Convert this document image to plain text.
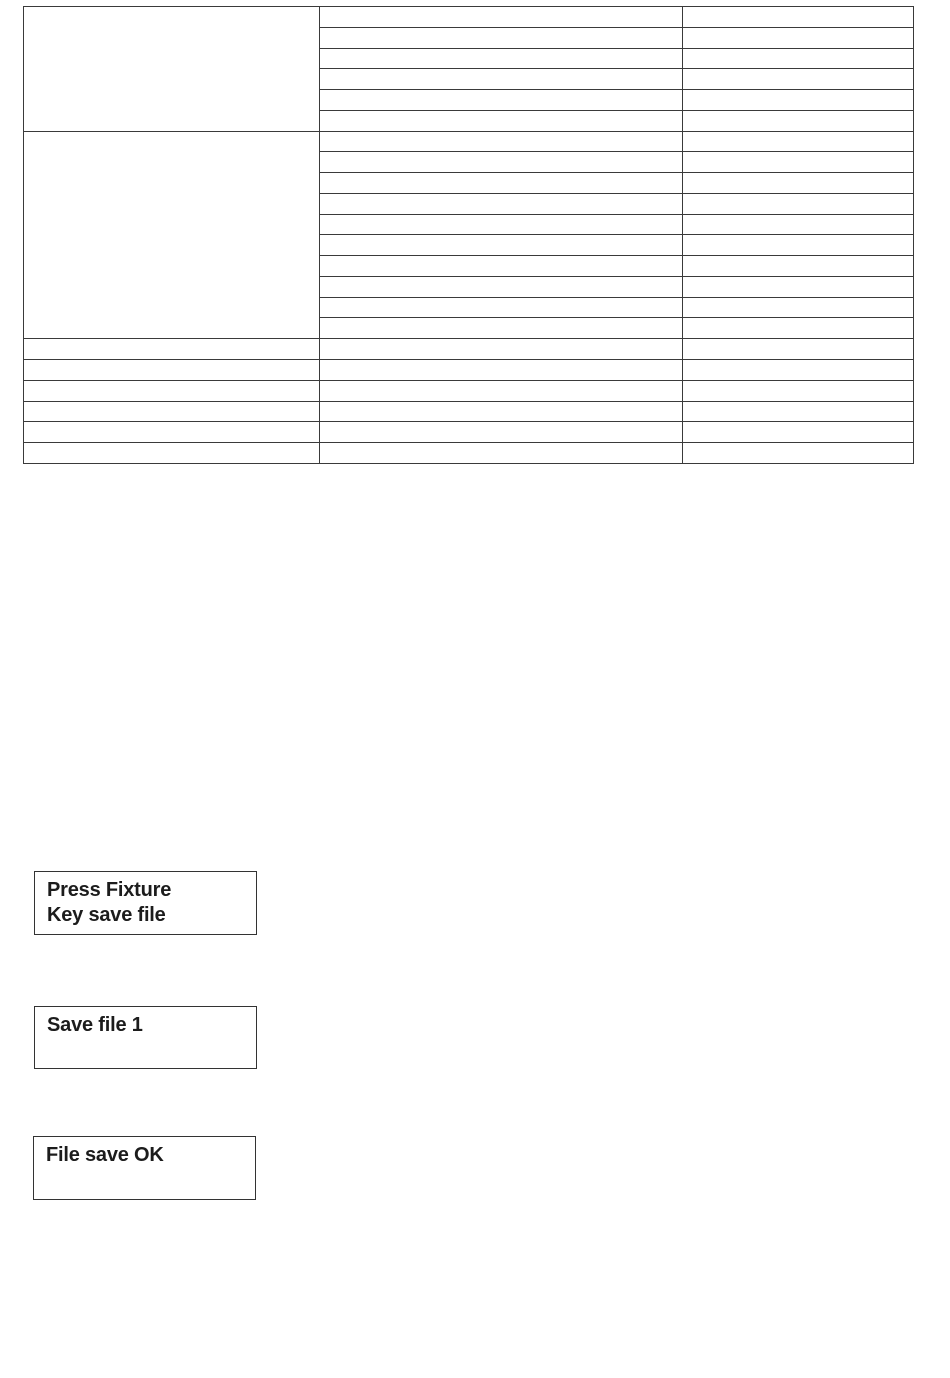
Press Fixture
Key save file
Save file 1
File save OK
